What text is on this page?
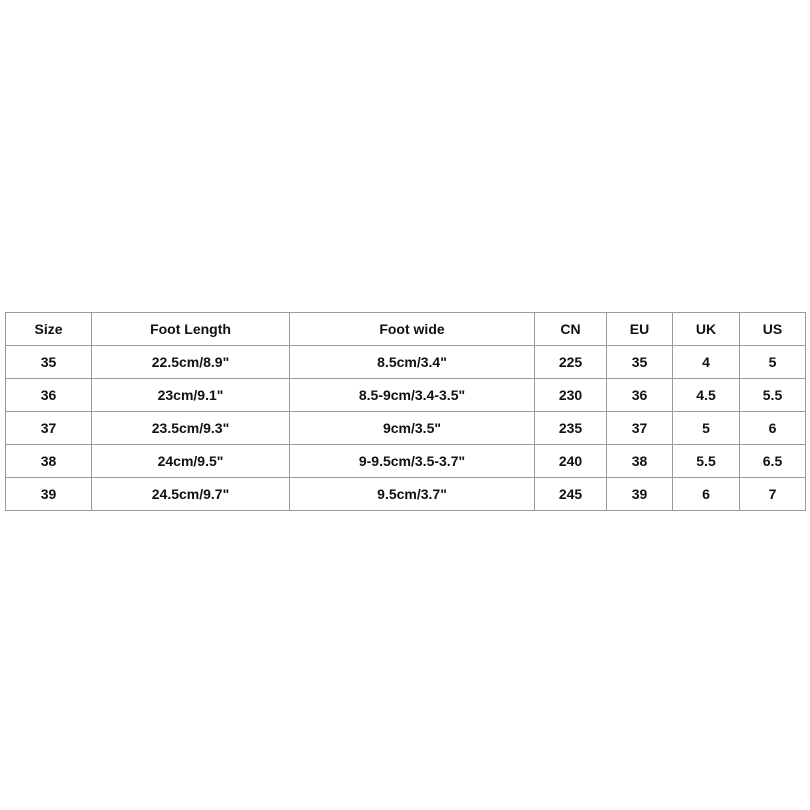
Size	Foot Length	Foot wide	CN	EU	UK	US
35	22.5cm/8.9"	8.5cm/3.4"	225	35	4	5
36	23cm/9.1"	8.5-9cm/3.4-3.5"	230	36	4.5	5.5
37	23.5cm/9.3"	9cm/3.5"	235	37	5	6
38	24cm/9.5"	9-9.5cm/3.5-3.7"	240	38	5.5	6.5
39	24.5cm/9.7"	9.5cm/3.7"	245	39	6	7
